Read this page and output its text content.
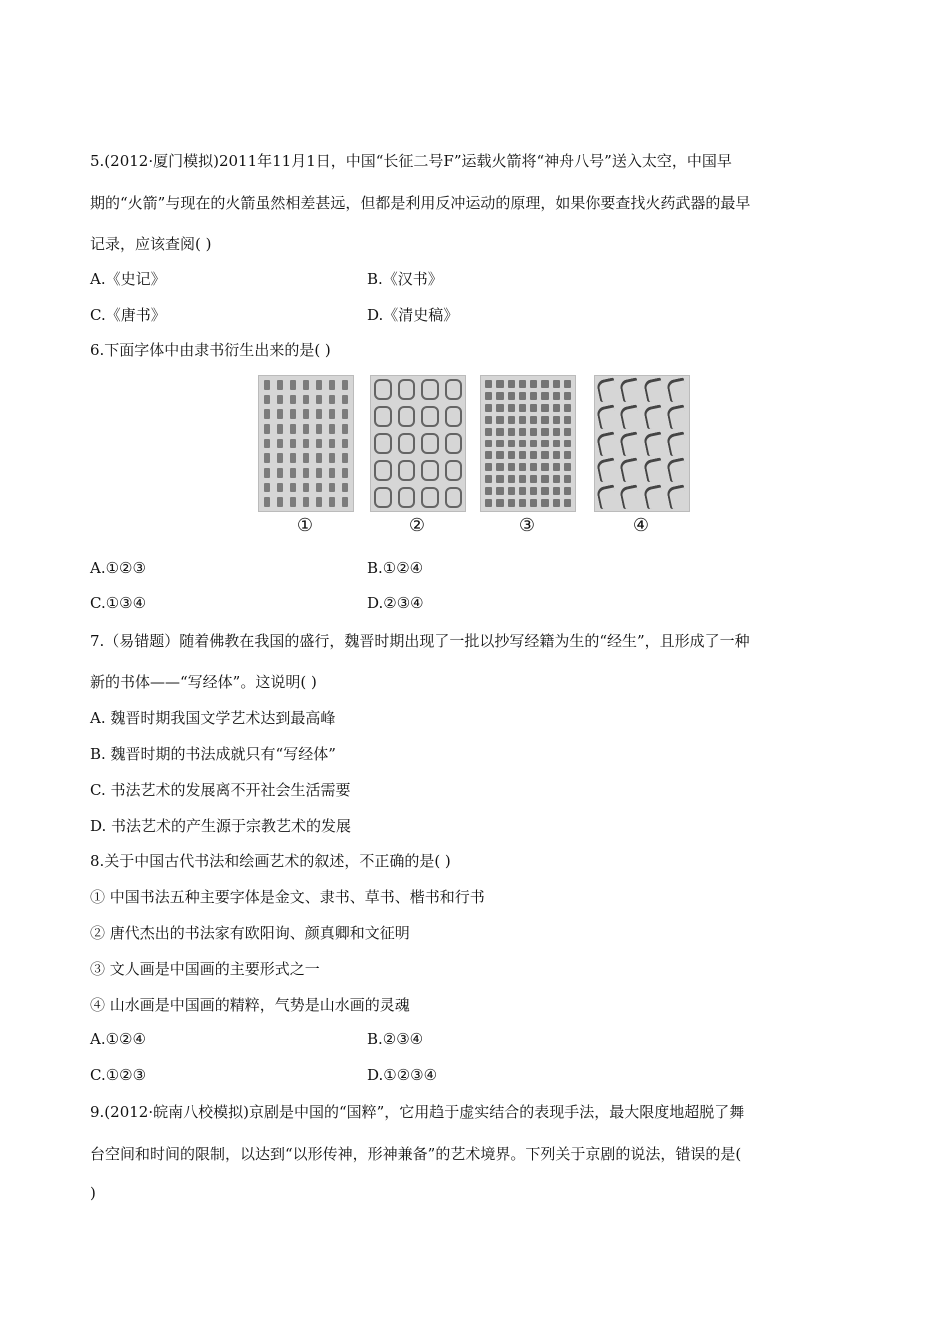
5.(2012·厦门模拟)2011年11月1日，中国“长征二号F”运载火箭将“神舟八号”送入太空，中国早
期的“火箭”与现在的火箭虽然相差甚远，但都是利用反冲运动的原理，如果你要查找火药武器的最早
记录，应该查阅( )
A.《史记》	B.《汉书》
C.《唐书》	D.《清史稿》
6.下面字体中由隶书衍生出来的是( )
①	②	③	④
A.①②③	B.①②④
C.①③④	D.②③④
7.（易错题）随着佛教在我国的盛行，魏晋时期出现了一批以抄写经籍为生的“经生”，且形成了一种
新的书体——“写经体”。这说明( )
A. 魏晋时期我国文学艺术达到最高峰
B. 魏晋时期的书法成就只有“写经体”
C. 书法艺术的发展离不开社会生活需要
D. 书法艺术的产生源于宗教艺术的发展
8.关于中国古代书法和绘画艺术的叙述，不正确的是( )
① 中国书法五种主要字体是金文、隶书、草书、楷书和行书
② 唐代杰出的书法家有欧阳询、颜真卿和文征明
③ 文人画是中国画的主要形式之一
④ 山水画是中国画的精粹，气势是山水画的灵魂
A.①②④	B.②③④
C.①②③	D.①②③④
9.(2012·皖南八校模拟)京剧是中国的“国粹”，它用趋于虚实结合的表现手法，最大限度地超脱了舞
台空间和时间的限制，以达到“以形传神，形神兼备”的艺术境界。下列关于京剧的说法，错误的是(
)
